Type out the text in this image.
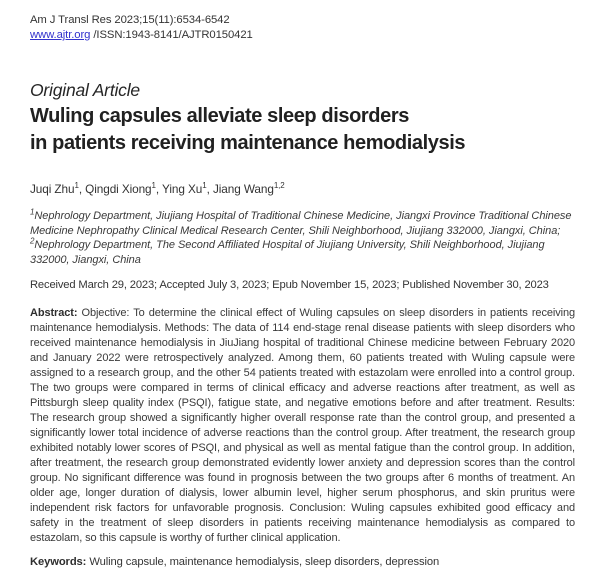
Am J Transl Res 2023;15(11):6534-6542
www.ajtr.org /ISSN:1943-8141/AJTR0150421
Original Article
Wuling capsules alleviate sleep disorders
in patients receiving maintenance hemodialysis
Juqi Zhu$^1$, Qingdi Xiong$^1$, Ying Xu$^1$, Jiang Wang$^{1,2}$
$^1$Nephrology Department, Jiujiang Hospital of Traditional Chinese Medicine, Jiangxi Province Traditional Chinese Medicine Nephropathy Clinical Medical Research Center, Shili Neighborhood, Jiujiang 332000, Jiangxi, China; $^2$Nephrology Department, The Second Affiliated Hospital of Jiujiang University, Shili Neighborhood, Jiujiang 332000, Jiangxi, China
Received March 29, 2023; Accepted July 3, 2023; Epub November 15, 2023; Published November 30, 2023

Abstract: Objective: To determine the clinical effect of Wuling capsules on sleep disorders in patients receiving maintenance hemodialysis. Methods: The data of 114 end-stage renal disease patients with sleep disorders who received maintenance hemodialysis in JiuJiang hospital of traditional Chinese medicine between February 2020 and January 2022 were retrospectively analyzed. Among them, 60 patients treated with Wuling capsule were assigned to a research group, and the other 54 patients treated with estazolam were enrolled into a control group. The two groups were compared in terms of clinical efficacy and adverse reactions after treatment, as well as Pittsburgh sleep quality index (PSQI), fatigue state, and negative emotions before and after treatment. Results: The research group showed a significantly higher overall response rate than the control group, and presented a significantly lower total incidence of adverse reactions than the control group. After treatment, the research group exhibited notably lower scores of PSQI, and physical as well as mental fatigue than the control group. In addition, after treatment, the research group demonstrated evidently lower anxiety and depression scores than the control group. No significant difference was found in prognosis between the two groups after 6 months of treatment. An older age, longer duration of dialysis, lower albumin level, higher serum phosphorus, and skin pruritus were independent risk factors for unfavorable prognosis. Conclusion: Wuling capsules exhibited good efficacy and safety in the treatment of sleep disorders in patients receiving maintenance hemodialysis as compared to estazolam, so this capsule is worthy of further clinical application.

Keywords: Wuling capsule, maintenance hemodialysis, sleep disorders, depression
